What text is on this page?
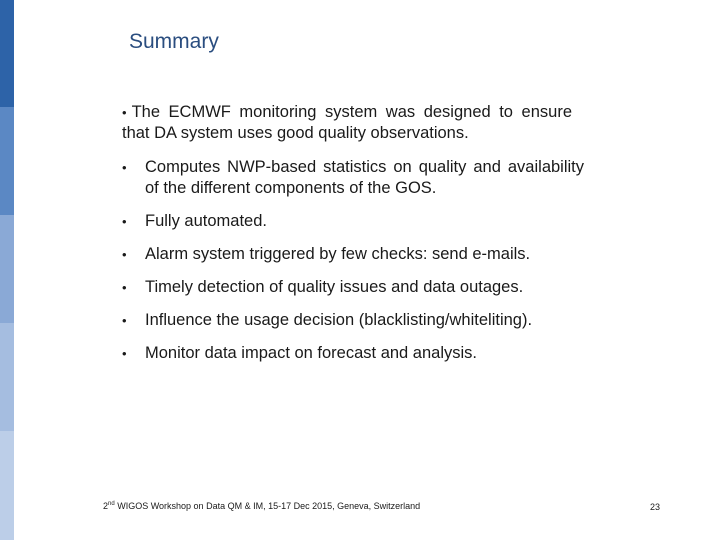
Summary
• The ECMWF monitoring system was designed to ensure that DA system uses good quality observations.
• Computes NWP-based statistics on quality and availability of the different components of the GOS.
• Fully automated.
• Alarm system triggered by few checks: send e-mails.
• Timely detection of quality issues and data outages.
• Influence the usage decision (blacklisting/whiteliting).
• Monitor data impact on forecast and analysis.
2nd WIGOS Workshop on Data QM & IM, 15-17 Dec 2015, Geneva, Switzerland	23
